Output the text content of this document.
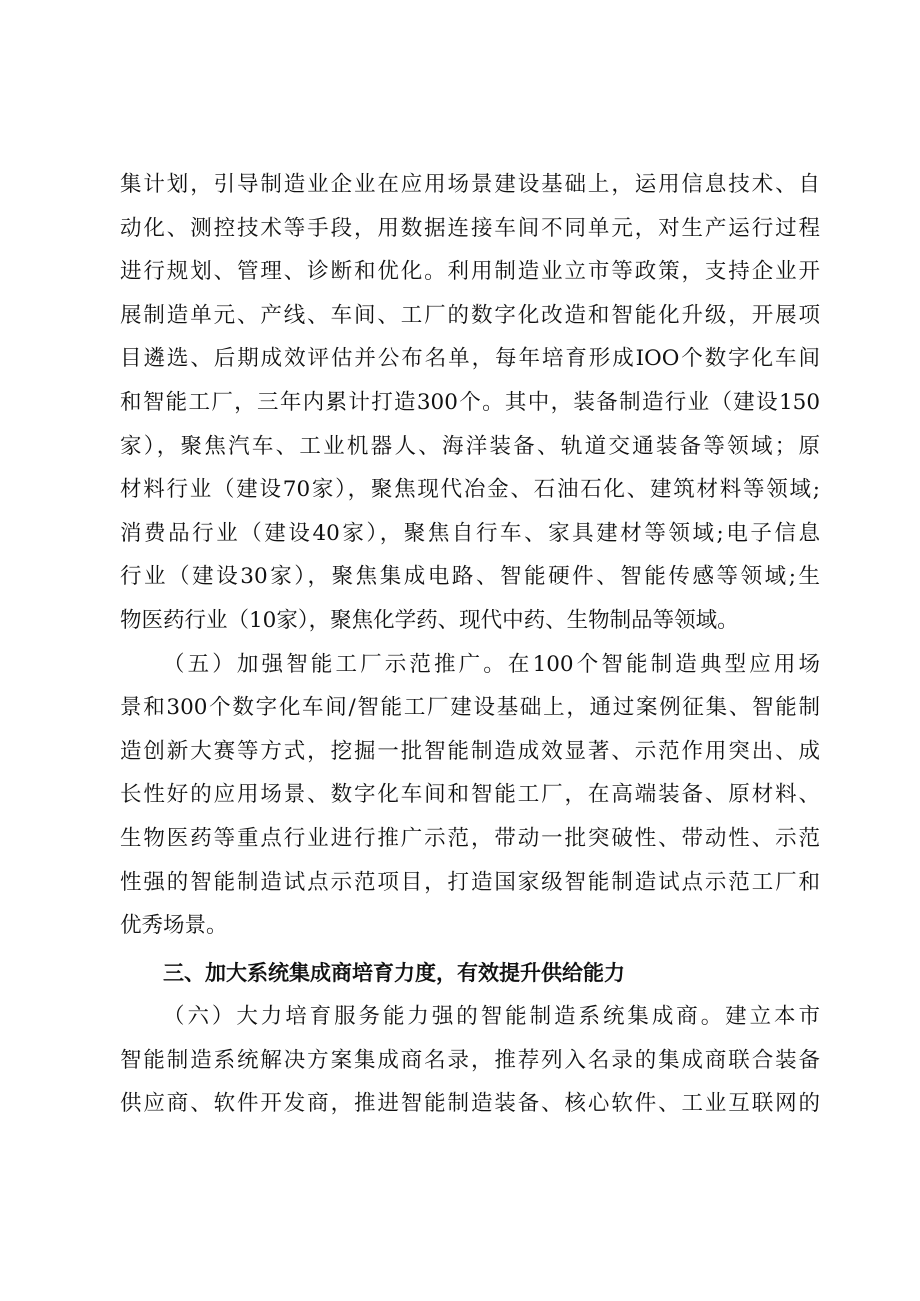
集计划，引导制造业企业在应用场景建设基础上，运用信息技术、自
动化、测控技术等手段，用数据连接车间不同单元，对生产运行过程
进行规划、管理、诊断和优化。利用制造业立市等政策，支持企业开
展制造单元、产线、车间、工厂的数字化改造和智能化升级，开展项
目遴选、后期成效评估并公布名单，每年培育形成IOO个数字化车间
和智能工厂，三年内累计打造300个。其中，装备制造行业（建设150
家），聚焦汽车、工业机器人、海洋装备、轨道交通装备等领域；原
材料行业（建设70家），聚焦现代冶金、石油石化、建筑材料等领域;
消费品行业（建设40家），聚焦自行车、家具建材等领域;电子信息
行业（建设30家），聚焦集成电路、智能硬件、智能传感等领域;生
物医药行业（10家），聚焦化学药、现代中药、生物制品等领域。
（五）加强智能工厂示范推广。在100个智能制造典型应用场
景和300个数字化车间/智能工厂建设基础上，通过案例征集、智能制
造创新大赛等方式，挖掘一批智能制造成效显著、示范作用突出、成
长性好的应用场景、数字化车间和智能工厂，在高端装备、原材料、
生物医药等重点行业进行推广示范，带动一批突破性、带动性、示范
性强的智能制造试点示范项目，打造国家级智能制造试点示范工厂和
优秀场景。
三、加大系统集成商培育力度，有效提升供给能力
（六）大力培育服务能力强的智能制造系统集成商。建立本市
智能制造系统解决方案集成商名录，推荐列入名录的集成商联合装备
供应商、软件开发商，推进智能制造装备、核心软件、工业互联网的
